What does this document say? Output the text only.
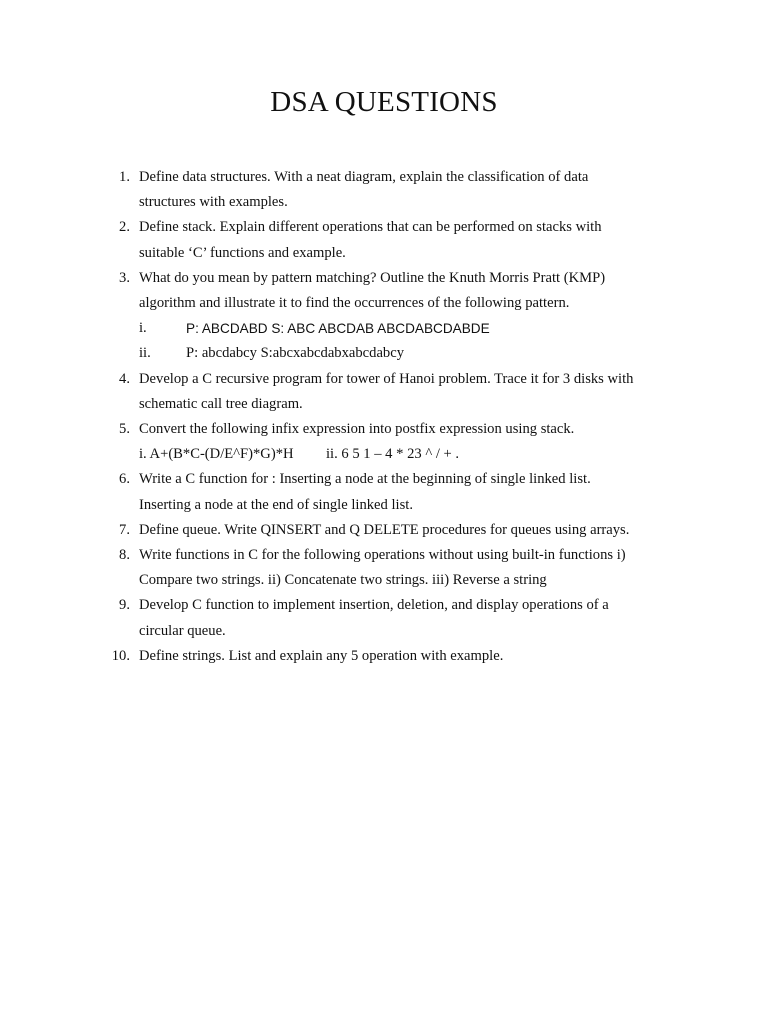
DSA QUESTIONS
1. Define data structures. With a neat diagram, explain the classification of data
structures with examples.
2. Define stack. Explain different operations that can be performed on stacks with
suitable ‘C’ functions and example.
3. What do you mean by pattern matching? Outline the Knuth Morris Pratt (KMP)
algorithm and illustrate it to find the occurrences of the following pattern.
i.	P: ABCDABD S: ABC ABCDAB ABCDABCDABDE
ii. P: abcdabcy S:abcxabcdabxabcdabcy
4. Develop a C recursive program for tower of Hanoi problem. Trace it for 3 disks with
schematic call tree diagram.
5. Convert the following infix expression into postfix expression using stack.
i. A+(B*C-(D/E^F)*G)*H ii. 6 5 1 – 4 * 23 ^ / + .
6. Write a C function for : Inserting a node at the beginning of single linked list.
Inserting a node at the end of single linked list.
7. Define queue. Write QINSERT and Q DELETE procedures for queues using arrays.
8. Write functions in C for the following operations without using built-in functions i)
Compare two strings. ii) Concatenate two strings. iii) Reverse a string
9. Develop C function to implement insertion, deletion, and display operations of a
circular queue.
10. Define strings. List and explain any 5 operation with example.
